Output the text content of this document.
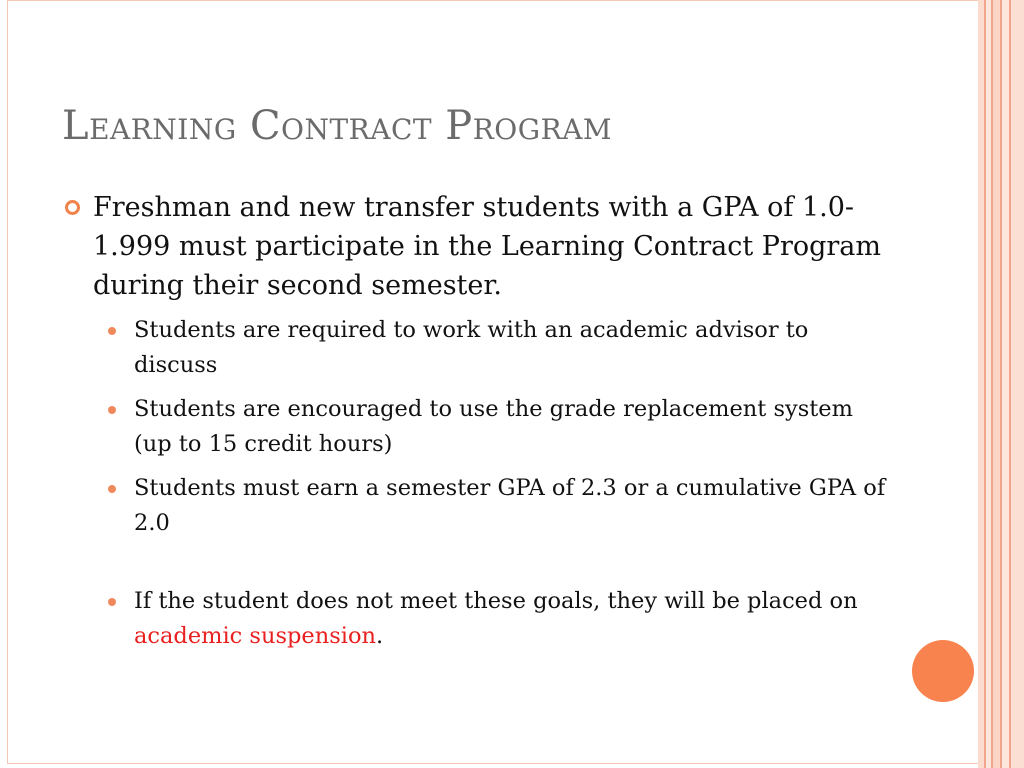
Learning Contract Program

Freshman and new transfer students with a GPA of 1.0-1.999 must participate in the Learning Contract Program during their second semester.

Students are required to work with an academic advisor to discuss

Students are encouraged to use the grade replacement system (up to 15 credit hours)

Students must earn a semester GPA of 2.3 or a cumulative GPA of 2.0

If the student does not meet these goals, they will be placed on academic suspension.
